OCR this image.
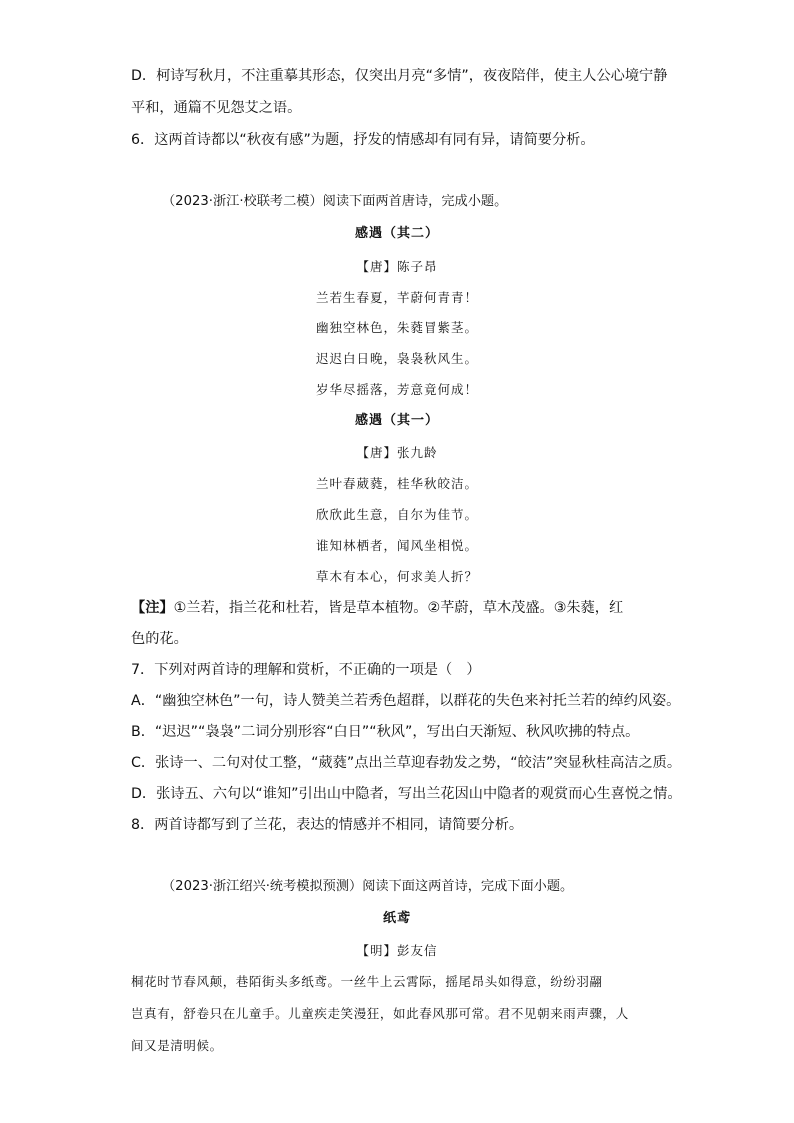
D．柯诗写秋月，不注重摹其形态，仅突出月亮“多情”，夜夜陪伴，使主人公心境宁静
平和，通篇不见怨艾之语。
6．这两首诗都以“秋夜有感”为题，抒发的情感却有同有异，请简要分析。
（2023·浙江·校联考二模）阅读下面两首唐诗，完成小题。
感遇（其二）
【唐】陈子昂
兰若生春夏，芊蔚何青青！
幽独空林色，朱蕤冒紫茎。
迟迟白日晚，袅袅秋风生。
岁华尽摇落，芳意竟何成！
感遇（其一）
【唐】张九龄
兰叶春葳蕤，桂华秋皎洁。
欣欣此生意，自尔为佳节。
谁知林栖者，闻风坐相悦。
草木有本心，何求美人折？
【注】①兰若，指兰花和杜若，皆是草本植物。②芊蔚，草木茂盛。③朱蕤，红
色的花。
7．下列对两首诗的理解和赏析，不正确的一项是（　）
A．“幽独空林色”一句，诗人赞美兰若秀色超群，以群花的失色来衬托兰若的绰约风姿。
B．“迟迟”“袅袅”二词分别形容“白日”“秋风”，写出白天渐短、秋风吹拂的特点。
C．张诗一、二句对仗工整，“葳蕤”点出兰草迎春勃发之势，“皎洁”突显秋桂高洁之质。
D．张诗五、六句以“谁知”引出山中隐者，写出兰花因山中隐者的观赏而心生喜悦之情。
8．两首诗都写到了兰花，表达的情感并不相同，请简要分析。
（2023·浙江绍兴·统考模拟预测）阅读下面这两首诗，完成下面小题。
纸鸢
【明】彭友信
桐花时节春风颠，巷陌街头多纸鸢。一丝牛上云霄际，摇尾昂头如得意，纷纷羽翮
岂真有，舒卷只在儿童手。儿童疾走笑漫狂，如此春风那可常。君不见朝来雨声骤，人
间又是清明候。
